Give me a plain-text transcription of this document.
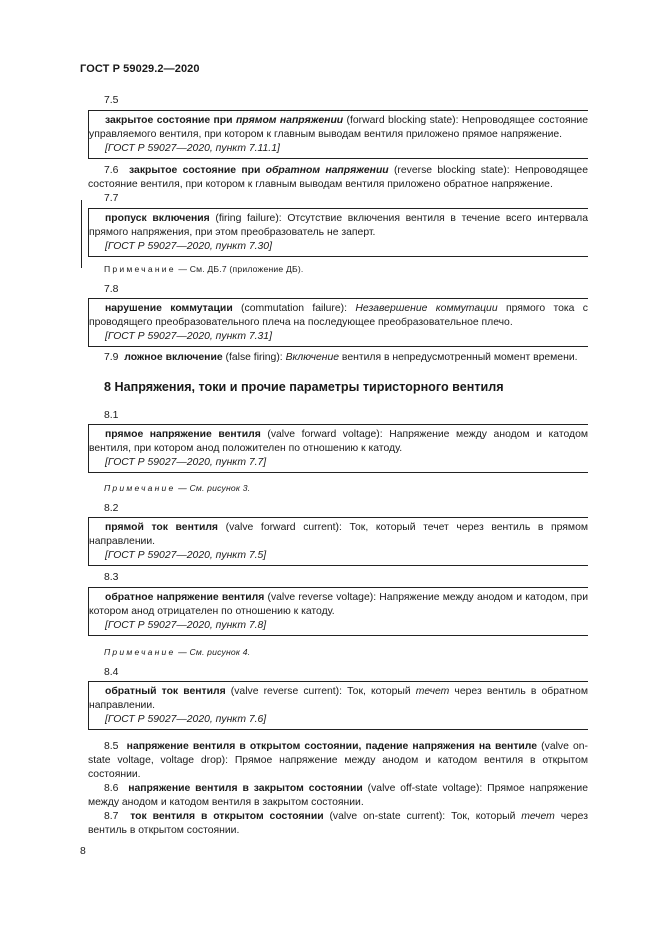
ГОСТ Р 59029.2—2020
7.5

закрытое состояние при прямом напряжении (forward blocking state): Непроводящее состояние управляемого вентиля, при котором к главным выводам вентиля приложено прямое напряжение.

[ГОСТ Р 59027—2020, пункт 7.11.1]

7.6 закрытое состояние при обратном напряжении (reverse blocking state): Непроводящее состояние вентиля, при котором к главным выводам вентиля приложено обратное напряжение.

7.7

пропуск включения (firing failure): Отсутствие включения вентиля в течение всего интервала прямого напряжения, при этом преобразователь не заперт.

[ГОСТ Р 59027—2020, пункт 7.30]

Примечание — См. ДБ.7 (приложение ДБ).
7.8

нарушение коммутации (commutation failure): Незавершение коммутации прямого тока с проводящего преобразовательного плеча на последующее преобразовательное плечо.

[ГОСТ Р 59027—2020, пункт 7.31]

7.9 ложное включение (false firing): Включение вентиля в непредусмотренный момент времени.

8 Напряжения, токи и прочие параметры тиристорного вентиля
8.1

прямое напряжение вентиля (valve forward voltage): Напряжение между анодом и катодом вентиля, при котором анод положителен по отношению к катоду.

[ГОСТ Р 59027—2020, пункт 7.7]

Примечание — См. рисунок 3.
8.2

прямой ток вентиля (valve forward current): Ток, который течет через вентиль в прямом направлении.

[ГОСТ Р 59027—2020, пункт 7.5]

8.3

обратное напряжение вентиля (valve reverse voltage): Напряжение между анодом и катодом, при котором анод отрицателен по отношению к катоду.

[ГОСТ Р 59027—2020, пункт 7.8]

Примечание — См. рисунок 4.
8.4

обратный ток вентиля (valve reverse current): Ток, который течет через вентиль в обратном направлении.

[ГОСТ Р 59027—2020, пункт 7.6]

8.5 напряжение вентиля в открытом состоянии, падение напряжения на вентиле (valve on-state voltage, voltage drop): Прямое напряжение между анодом и катодом вентиля в открытом состоянии.

8.6 напряжение вентиля в закрытом состоянии (valve off-state voltage): Прямое напряжение между анодом и катодом вентиля в закрытом состоянии.

8.7 ток вентиля в открытом состоянии (valve on-state current): Ток, который течет через вентиль в открытом состоянии.

8
